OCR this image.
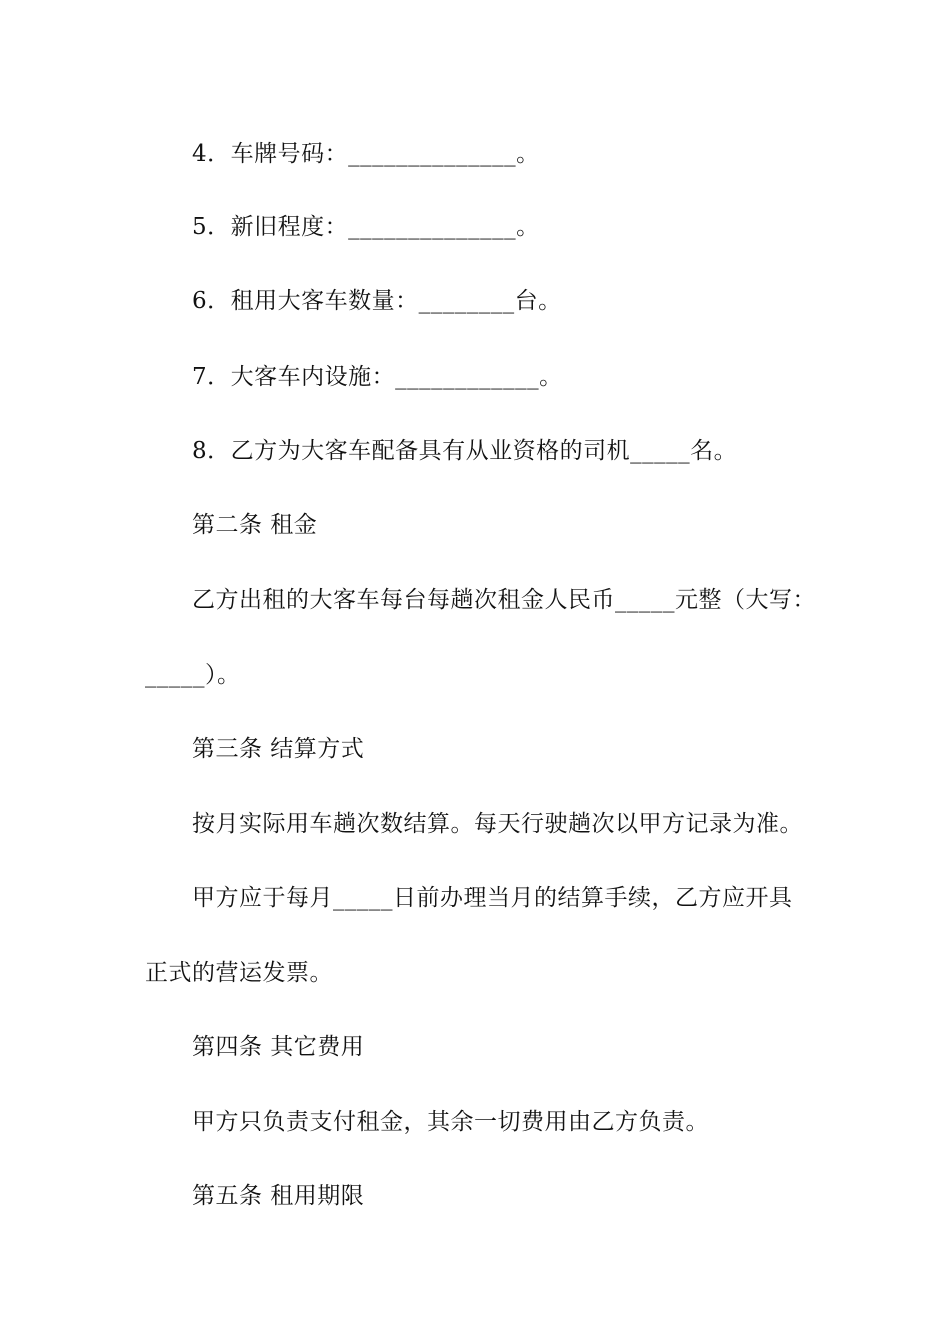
4．车牌号码：______________。
5．新旧程度：______________。
6．租用大客车数量：________台。
7．大客车内设施：____________。
8．乙方为大客车配备具有从业资格的司机_____名。
第二条 租金
乙方出租的大客车每台每趟次租金人民币_____元整（大写：
_____）。
第三条 结算方式
按月实际用车趟次数结算。每天行驶趟次以甲方记录为准。
甲方应于每月_____日前办理当月的结算手续，乙方应开具
正式的营运发票。
第四条 其它费用
甲方只负责支付租金，其余一切费用由乙方负责。
第五条 租用期限
